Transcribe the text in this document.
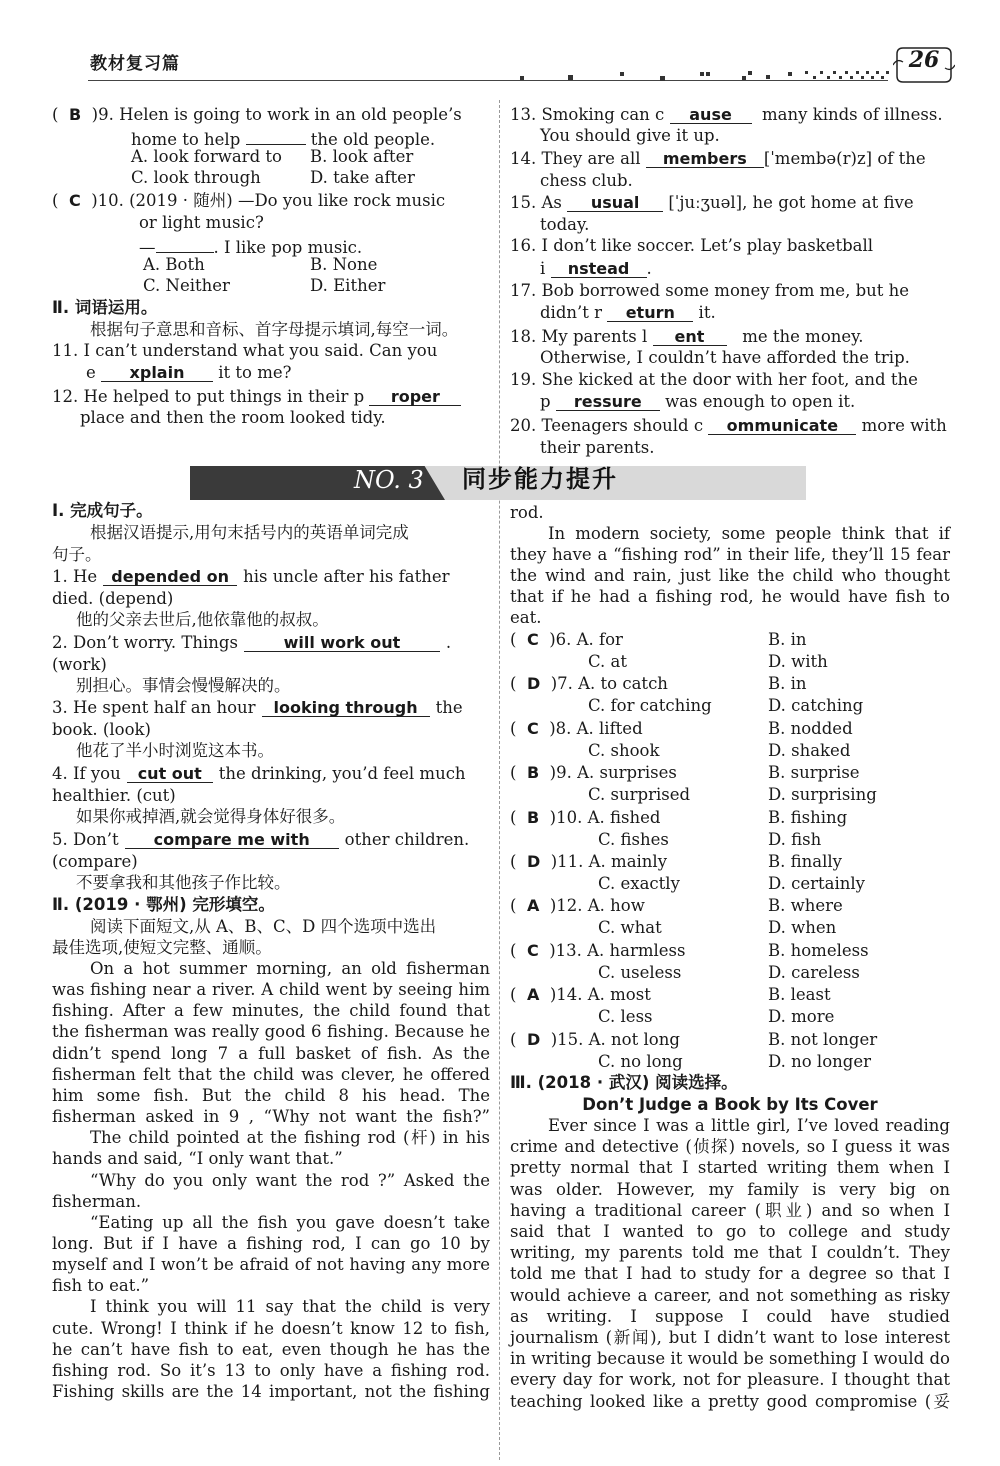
教材复习篇	26
(  B )9. Helen is going to work in an old people’s
home to help	the old people.
A. look forward to B. look after
C. look through	D. take after
(  C )10. (2019 · 随州) —Do you like rock music
or light music?
—	. I like pop music.
A. Both	B. None
C. Neither	D. Either
Ⅱ. 词语运用。
根据句子意思和音标、首字母提示填词,每空一词。
11. I can’t understand what you said. Can you
e xplain it to me?
12. He helped to put things in their p roper
place and then the room looked tidy.
13. Smoking can c ause many kinds of illness.
You should give it up.
14. They are all members [ˈmembə(r)z] of the
chess club.
15. As usual [ˈjuːʒuəl], he got home at five
today.
16. I don’t like soccer. Let’s play basketball
i nstead .
17. Bob borrowed some money from me, but he
didn’t r eturn it.
18. My parents l ent me the money.
Otherwise, I couldn’t have afforded the trip.
19. She kicked at the door with her foot, and the
p ressure was enough to open it.
20. Teenagers should c ommunicate more with
their parents.
NO. 3 同步能力提升
Ⅰ. 完成句子。
根据汉语提示,用句末括号内的英语单词完成
句子。
1. He depended on his uncle after his father
died. (depend)
他的父亲去世后,他依靠他的叔叔。
2. Don’t worry. Things	will work out	.
(work)
别担心。事情会慢慢解决的。
3. He spent half an hour looking through the
book. (look)
他花了半小时浏览这本书。
4. If you cut out the drinking, you’d feel much
healthier. (cut)
如果你戒掉酒,就会觉得身体好很多。
5. Don’t compare me with other children.
(compare)
不要拿我和其他孩子作比较。
Ⅱ. (2019 · 鄂州) 完形填空。
阅读下面短文,从 A、B、C、D 四个选项中选出
最佳选项,使短文完整、通顺。
On a hot summer morning, an old fisherman
was fishing near a river. A child went by seeing him
fishing. After a few minutes, the child found that
the fisherman was really good 6 fishing. Because he
didn’t spend long 7 a full basket of fish. As the
fisherman felt that the child was clever, he offered
him some fish. But the child 8 his head. The
fisherman asked in 9 , “Why not want the fish?”
The child pointed at the fishing rod (杆) in his
hands and said, “I only want that.”
“Why do you only want the rod ?” Asked the
fisherman.
“Eating up all the fish you gave doesn’t take
long. But if I have a fishing rod, I can go 10 by
myself and I won’t be afraid of not having any more
fish to eat.”
I think you will 11 say that the child is very
cute. Wrong! I think if he doesn’t know 12 to fish,
he can’t have fish to eat, even though he has the
fishing rod. So it’s 13 to only have a fishing rod.
Fishing skills are the 14 important, not the fishing
rod.
In modern society, some people think that if
they have a “fishing rod” in their life, they’ll 15 fear
the wind and rain, just like the child who thought
that if he had a fishing rod, he would have fish to
eat.
(  C )6. A. for	B. in
C. at	D. with
(  D )7. A. to catch	B. in
C. for catching	D. catching
(  C )8. A. lifted	B. nodded
C. shook	D. shaked
(  B )9. A. surprises	B. surprise
C. surprised	D. surprising
(  B )10. A. fished	B. fishing
C. fishes	D. fish
(  D )11. A. mainly	B. finally
C. exactly	D. certainly
(  A )12. A. how	B. where
C. what	D. when
(  C )13. A. harmless	B. homeless
C. useless	D. careless
(  A )14. A. most	B. least
C. less	D. more
(  D )15. A. not long	B. not longer
C. no long	D. no longer
Ⅲ. (2018 · 武汉) 阅读选择。
Don’t Judge a Book by Its Cover
Ever since I was a little girl, I’ve loved reading
crime and detective (侦探) novels, so I guess it was
pretty normal that I started writing them when I
was older. However, my family is very big on
having a traditional career (职业) and so when I
said that I wanted to go to college and study
writing, my parents told me that I couldn’t. They
told me that I had to study for a degree so that I
would achieve a career, and not something as risky
as writing. I suppose I could have studied
journalism (新闻), but I didn’t want to lose interest
in writing because it would be something I would do
every day for work, not for pleasure. I thought that
teaching looked like a pretty good compromise (妥
